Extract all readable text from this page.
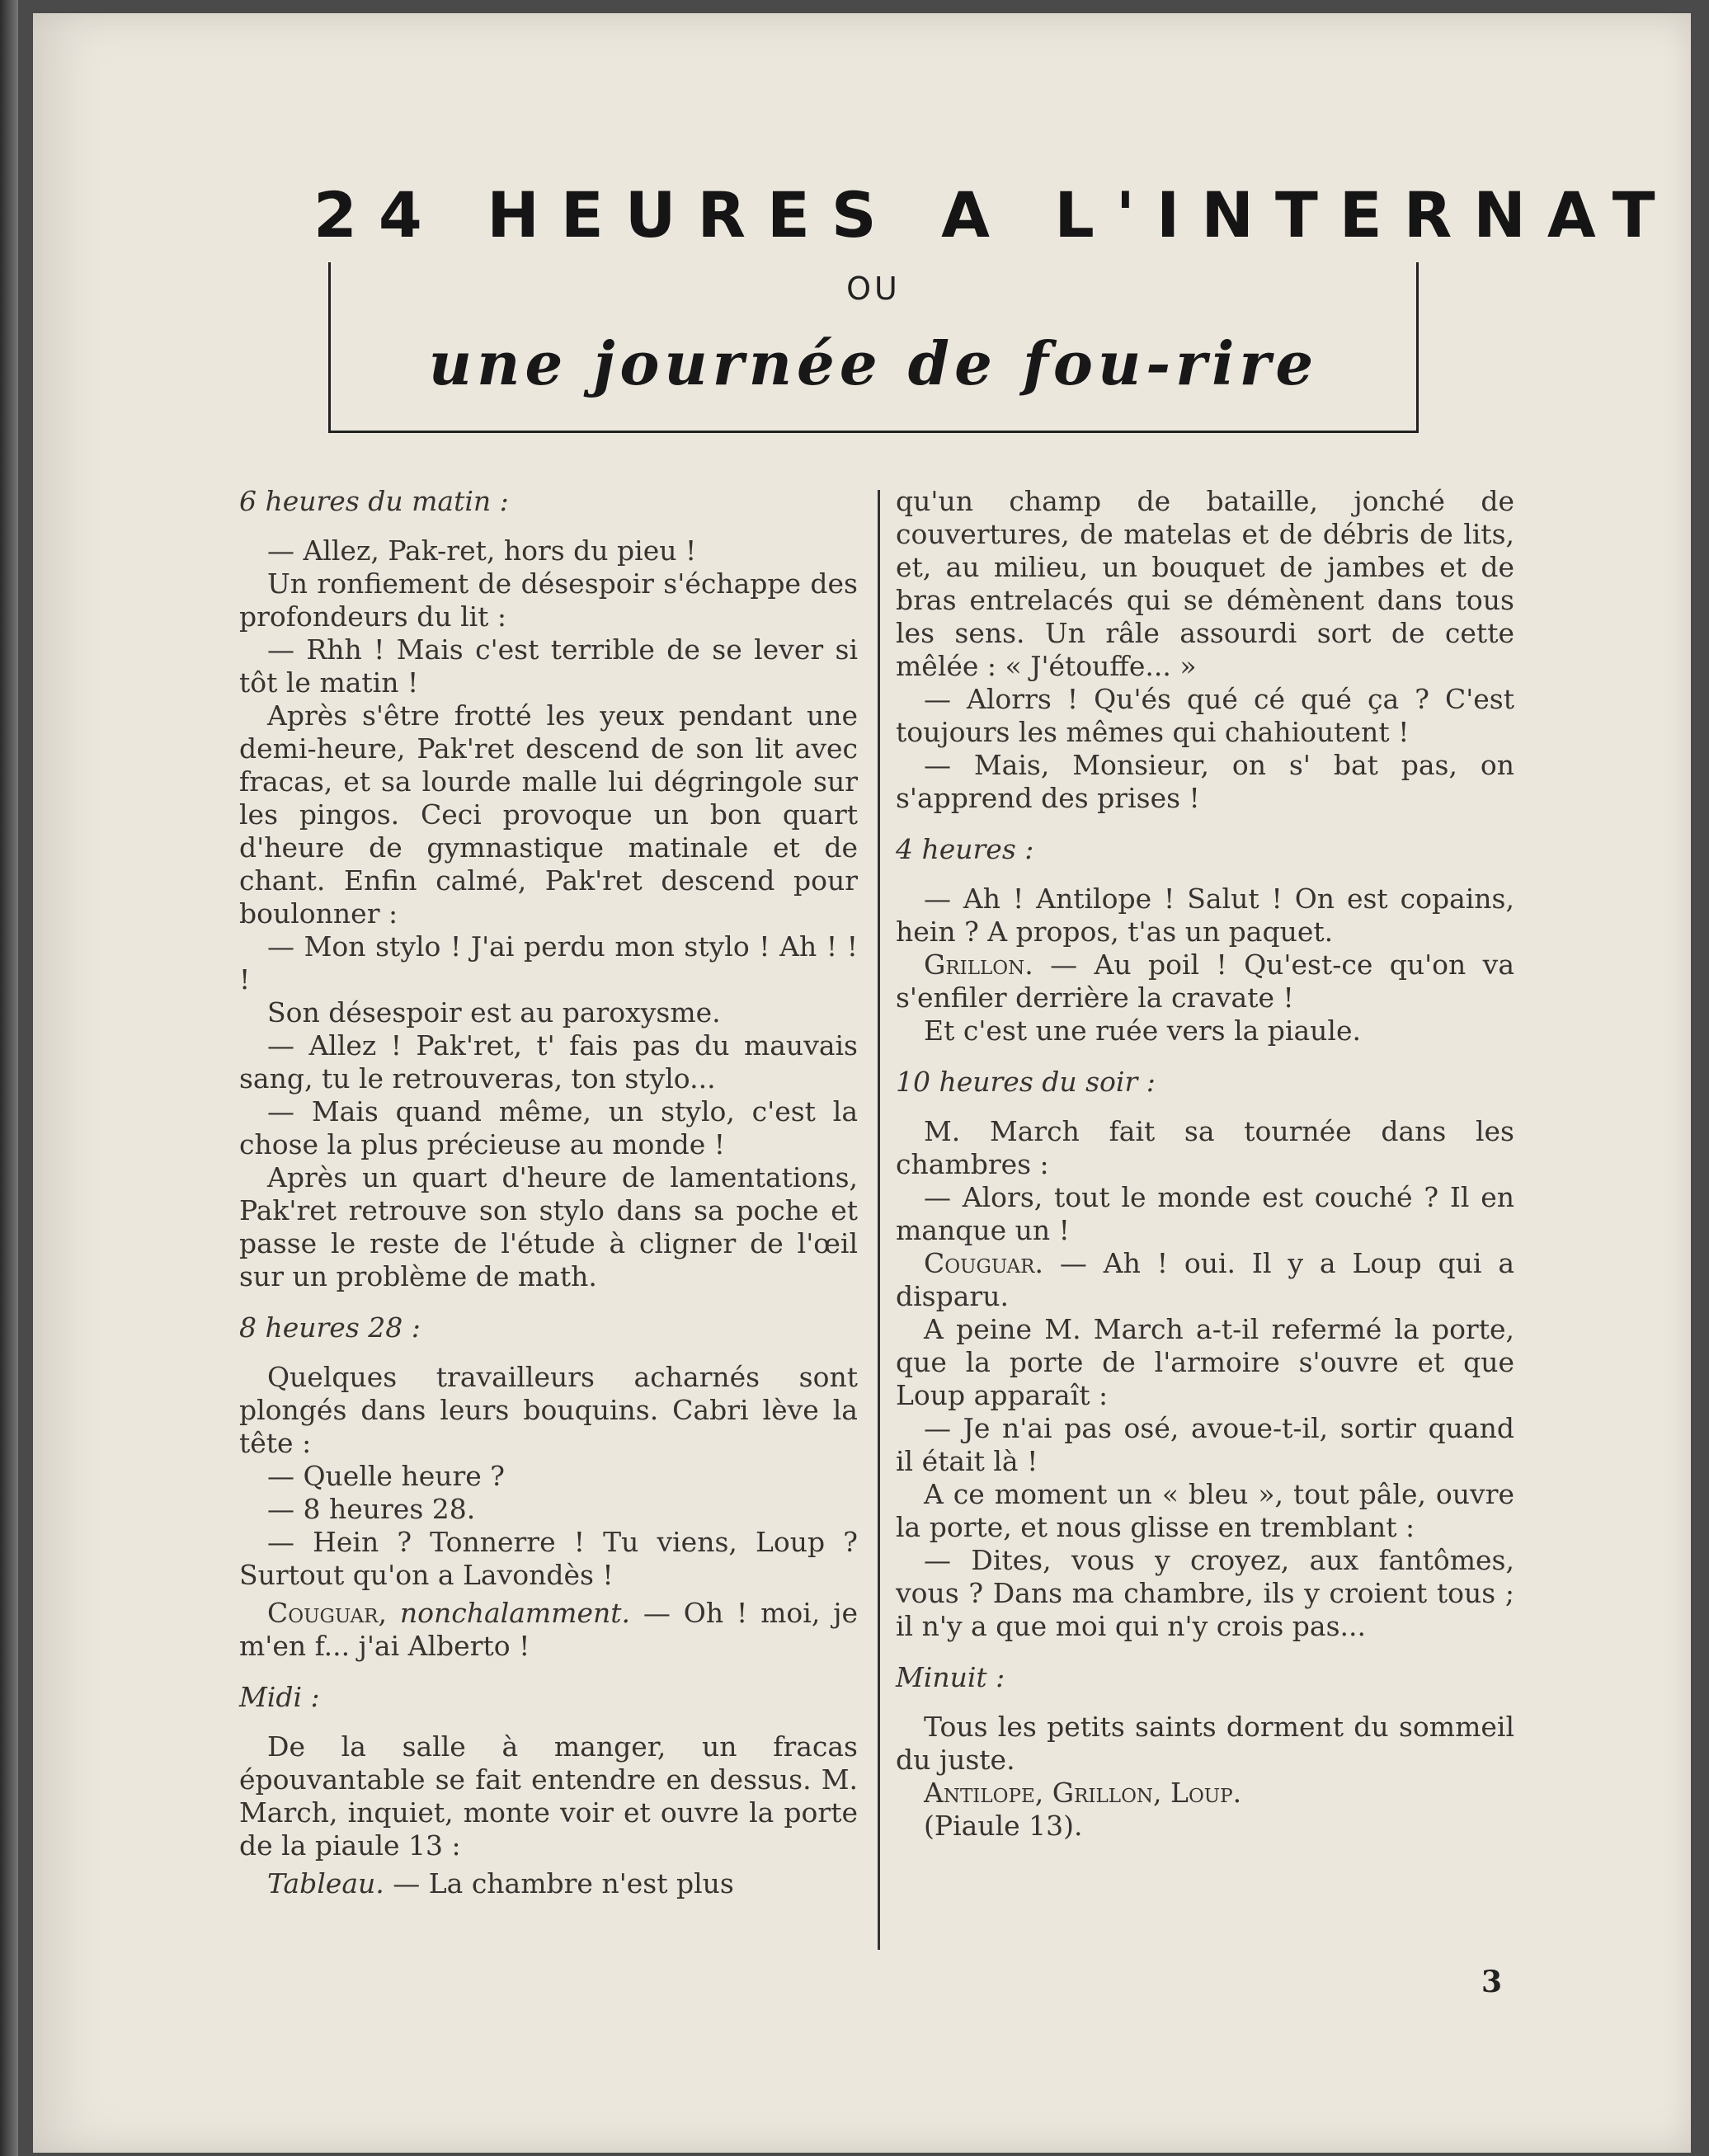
24 HEURES A L'INTERNAT
OU
une journée de fou-rire

6 heures du matin :

— Allez, Pak-ret, hors du pieu !

Un ronfiement de désespoir s'échappe des profondeurs du lit :

— Rhh ! Mais c'est terrible de se lever si tôt le matin !

Après s'être frotté les yeux pendant une demi-heure, Pak'ret descend de son lit avec fracas, et sa lourde malle lui dégringole sur les pingos. Ceci provoque un bon quart d'heure de gymnastique matinale et de chant. Enfin calmé, Pak'ret descend pour boulonner :

— Mon stylo ! J'ai perdu mon stylo ! Ah ! ! !

Son désespoir est au paroxysme.

— Allez ! Pak'ret, t' fais pas du mauvais sang, tu le retrouveras, ton stylo...

— Mais quand même, un stylo, c'est la chose la plus précieuse au monde !

Après un quart d'heure de lamentations, Pak'ret retrouve son stylo dans sa poche et passe le reste de l'étude à cligner de l'œil sur un problème de math.

8 heures 28 :

Quelques travailleurs acharnés sont plongés dans leurs bouquins. Cabri lève la tête :

— Quelle heure ?

— 8 heures 28.

— Hein ? Tonnerre ! Tu viens, Loup ? Surtout qu'on a Lavondès !

Couguar, nonchalamment. — Oh ! moi, je m'en f... j'ai Alberto !

Midi :

De la salle à manger, un fracas épouvantable se fait entendre en dessus. M. March, inquiet, monte voir et ouvre la porte de la piaule 13 :

Tableau. — La chambre n'est plus

qu'un champ de bataille, jonché de couvertures, de matelas et de débris de lits, et, au milieu, un bouquet de jambes et de bras entrelacés qui se démènent dans tous les sens. Un râle assourdi sort de cette mêlée : « J'étouffe... »

— Alorrs ! Qu'és qué cé qué ça ? C'est toujours les mêmes qui chahioutent !

— Mais, Monsieur, on s' bat pas, on s'apprend des prises !

4 heures :

— Ah ! Antilope ! Salut ! On est copains, hein ? A propos, t'as un paquet.

Grillon. — Au poil ! Qu'est-ce qu'on va s'enfiler derrière la cravate !

Et c'est une ruée vers la piaule.

10 heures du soir :

M. March fait sa tournée dans les chambres :

— Alors, tout le monde est couché ? Il en manque un !

Couguar. — Ah ! oui. Il y a Loup qui a disparu.

A peine M. March a-t-il refermé la porte, que la porte de l'armoire s'ouvre et que Loup apparaît :

— Je n'ai pas osé, avoue-t-il, sortir quand il était là !

A ce moment un « bleu », tout pâle, ouvre la porte, et nous glisse en tremblant :

— Dites, vous y croyez, aux fantômes, vous ? Dans ma chambre, ils y croient tous ; il n'y a que moi qui n'y crois pas...

Minuit :

Tous les petits saints dorment du sommeil du juste.

Antilope, Grillon, Loup.

(Piaule 13).

3
